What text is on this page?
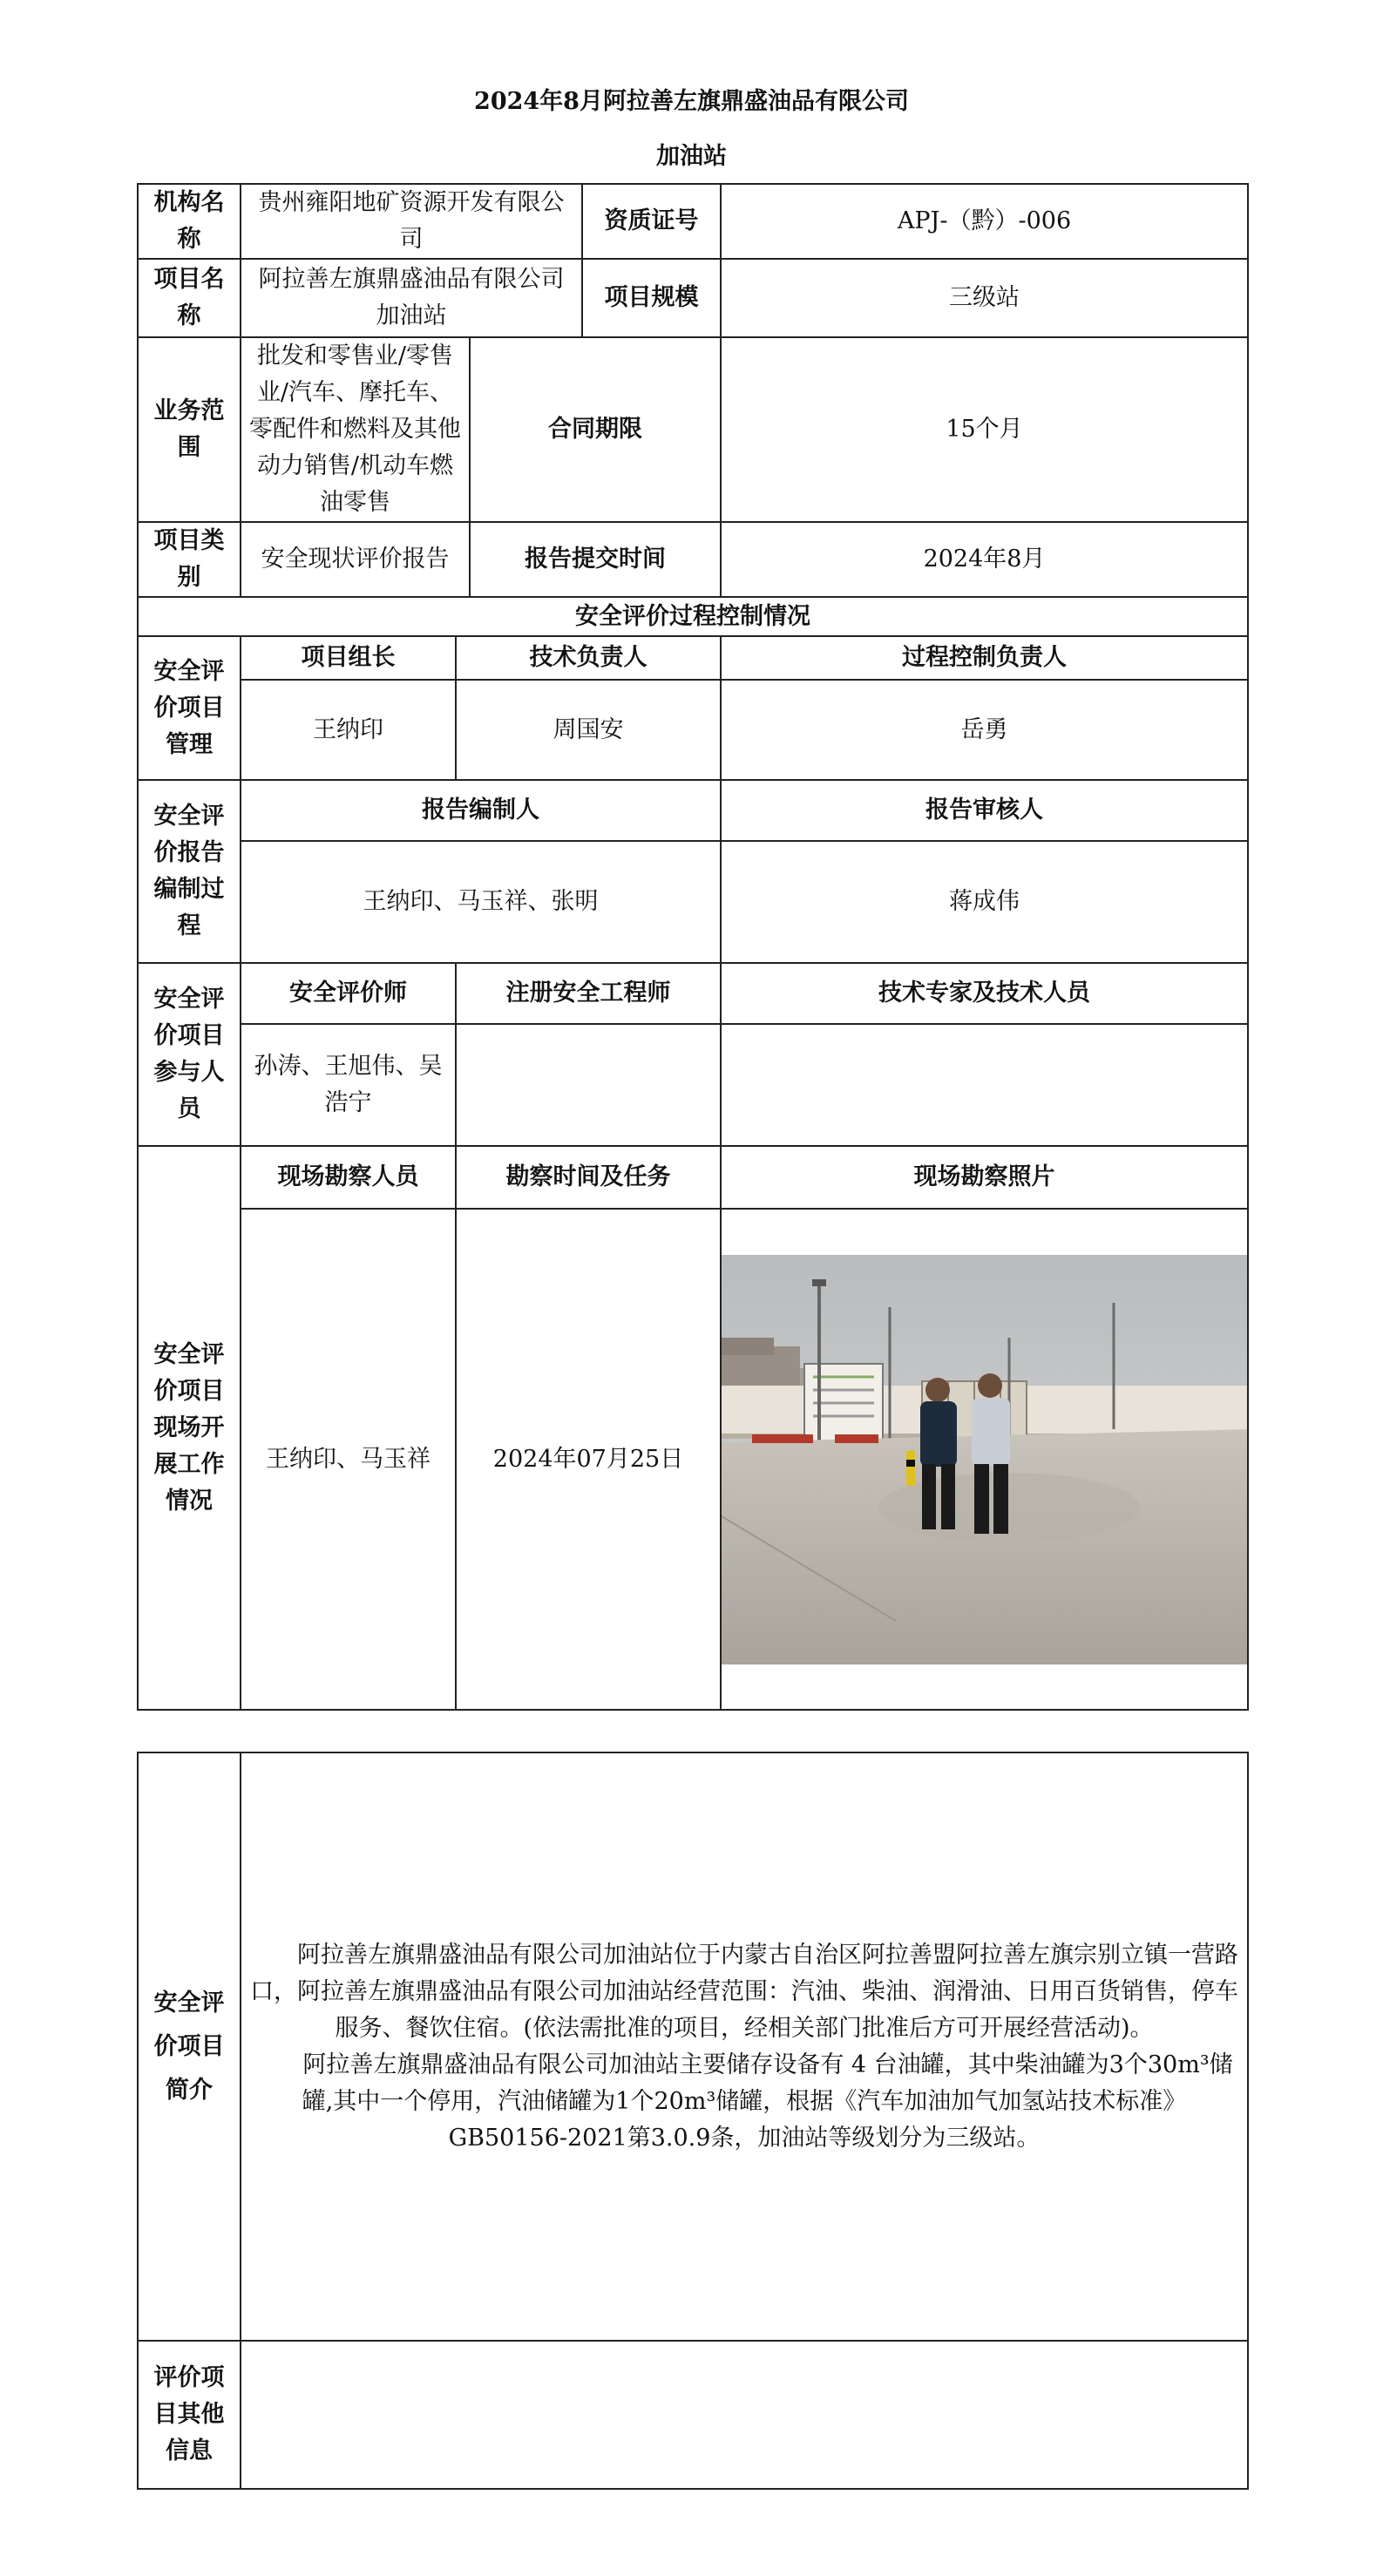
2024年8月阿拉善左旗鼎盛油品有限公司
加油站
机构名称	贵州雍阳地矿资源开发有限公司			资质证号	APJ-（黔）-006
项目名称	阿拉善左旗鼎盛油品有限公司加油站			项目规模	三级站
业务范围	批发和零售业/零售业/汽车、摩托车、零配件和燃料及其他动力销售/机动车燃油零售		合同期限		15个月
项目类别	安全现状评价报告		报告提交时间		2024年8月
安全评价过程控制情况					
安全评价项目管理	项目组长	技术负责人			过程控制负责人
	王纳印	周国安			岳勇
安全评价报告编制过程	报告编制人				报告审核人
	王纳印、马玉祥、张明				蒋成伟
安全评价项目参与人员	安全评价师	注册安全工程师			技术专家及技术人员
	孙涛、王旭伟、吴浩宁				
安全评价项目现场开展工作情况	现场勘察人员	勘察时间及任务			现场勘察照片
	王纳印、马玉祥	2024年07月25日	
安全评价项目简介	阿拉善左旗鼎盛油品有限公司加油站位于内蒙古自治区阿拉善盟阿拉善左旗宗别立镇一营路口，阿拉善左旗鼎盛油品有限公司加油站经营范围：汽油、柴油、润滑油、日用百货销售，停车服务、餐饮住宿。(依法需批准的项目，经相关部门批准后方可开展经营活动)。

阿拉善左旗鼎盛油品有限公司加油站主要储存设备有 4 台油罐，其中柴油罐为3个30m³储罐,其中一个停用，汽油储罐为1个20m³储罐，根据《汽车加油加气加氢站技术标准》GB50156-2021第3.0.9条，加油站等级划分为三级站。

评价项目其他信息	
